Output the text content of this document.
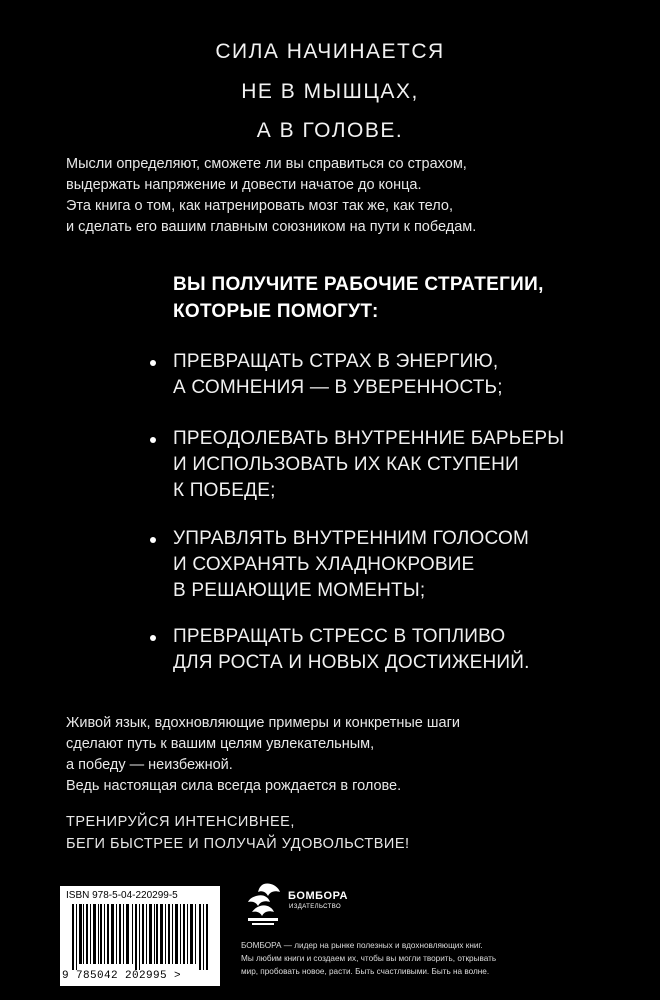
СИЛА НАЧИНАЕТСЯ
НЕ В МЫШЦАХ,
А В ГОЛОВЕ.
Мысли определяют, сможете ли вы справиться со страхом,
выдержать напряжение и довести начатое до конца.
Эта книга о том, как натренировать мозг так же, как тело,
и сделать его вашим главным союзником на пути к победам.
ВЫ ПОЛУЧИТЕ РАБОЧИЕ СТРАТЕГИИ,
КОТОРЫЕ ПОМОГУТ:
ПРЕВРАЩАТЬ СТРАХ В ЭНЕРГИЮ,
А СОМНЕНИЯ — В УВЕРЕННОСТЬ;
ПРЕОДОЛЕВАТЬ ВНУТРЕННИЕ БАРЬЕРЫ
И ИСПОЛЬЗОВАТЬ ИХ КАК СТУПЕНИ
К ПОБЕДЕ;
УПРАВЛЯТЬ ВНУТРЕННИМ ГОЛОСОМ
И СОХРАНЯТЬ ХЛАДНОКРОВИЕ
В РЕШАЮЩИЕ МОМЕНТЫ;
ПРЕВРАЩАТЬ СТРЕСС В ТОПЛИВО
ДЛЯ РОСТА И НОВЫХ ДОСТИЖЕНИЙ.
Живой язык, вдохновляющие примеры и конкретные шаги
сделают путь к вашим целям увлекательным,
а победу — неизбежной.
Ведь настоящая сила всегда рождается в голове.
ТРЕНИРУЙСЯ ИНТЕНСИВНЕЕ,
БЕГИ БЫСТРЕЕ И ПОЛУЧАЙ УДОВОЛЬСТВИЕ!
ISBN 978-5-04-220299-5
9 785042 202995 >
БОМБОРА
ИЗДАТЕЛЬСТВО
БОМБОРА — лидер на рынке полезных и вдохновляющих книг.
Мы любим книги и создаем их, чтобы вы могли творить, открывать
мир, пробовать новое, расти. Быть счастливыми. Быть на волне.
